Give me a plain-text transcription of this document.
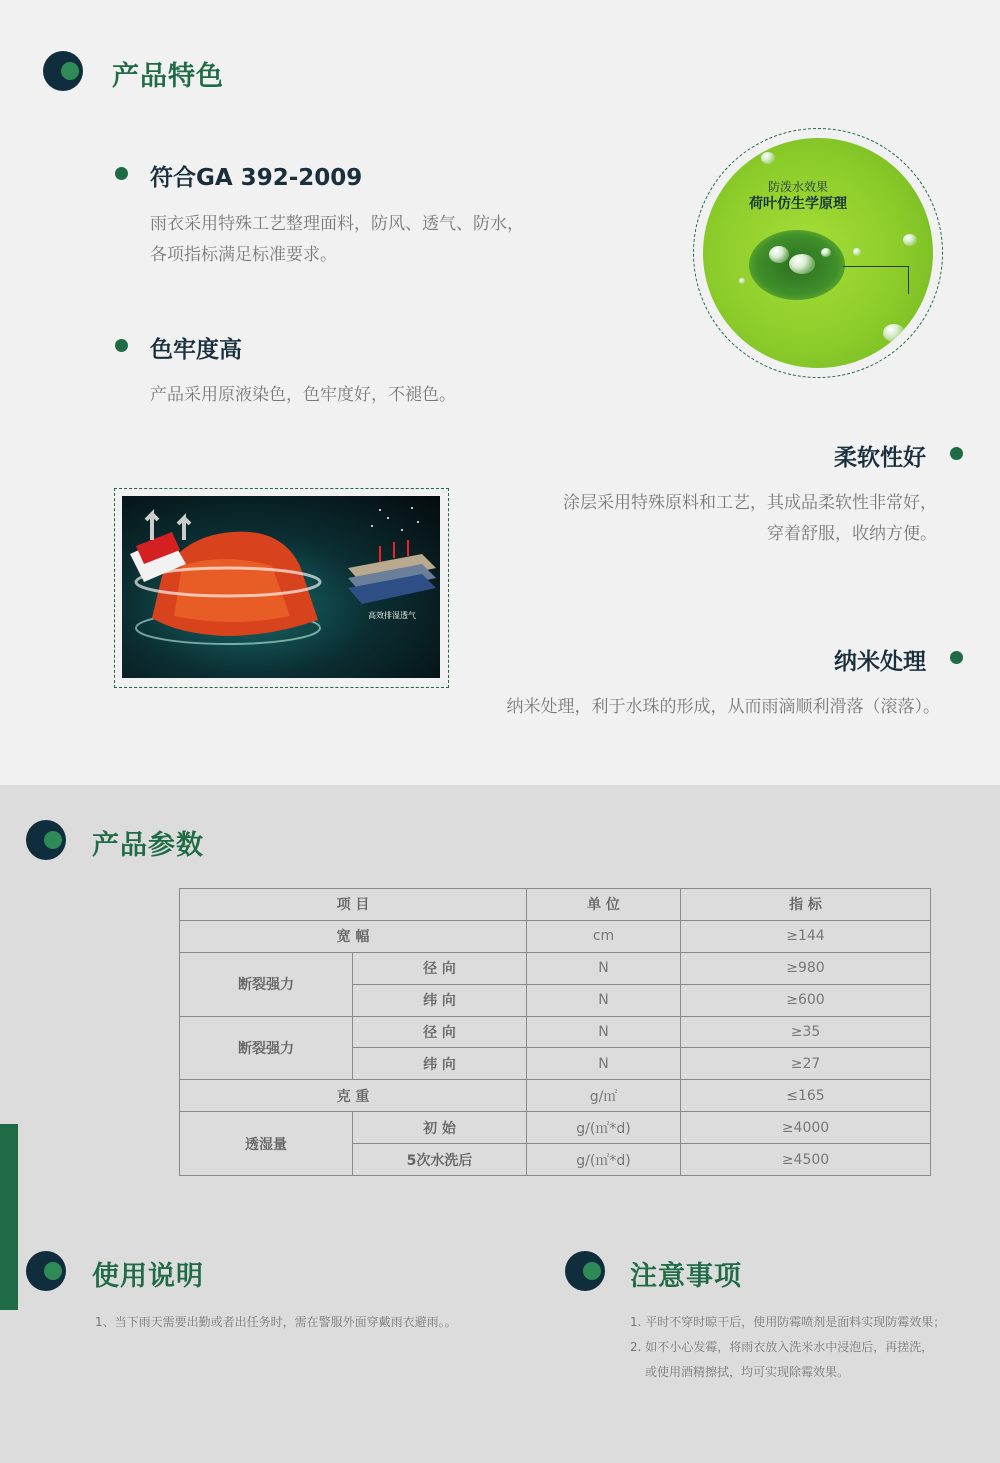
产品特色
符合GA 392-2009
雨衣采用特殊工艺整理面料，防风、透气、防水，
各项指标满足标准要求。
色牢度高
产品采用原液染色，色牢度好，不褪色。
防泼水效果
荷叶仿生学原理
柔软性好
涂层采用特殊原料和工艺，其成品柔软性非常好，
穿着舒服，收纳方便。
高效排湿透气
纳米处理
纳米处理，利于水珠的形成，从而雨滴顺利滑落（滚落）。
产品参数
项 目		单 位	指 标
宽 幅		cm	≥144
断裂强力	径 向	N	≥980
	纬 向	N	≥600
断裂强力	径 向	N	≥35
	纬 向	N	≥27
克 重		g/㎡	≤165
透湿量	初 始	g/(㎡*d)	≥4000
	5次水洗后	g/(㎡*d)	≥4500
使用说明
1、当下雨天需要出勤或者出任务时，需在警服外面穿戴雨衣避雨。。
注意事项
1. 平时不穿时晾干后，使用防霉喷剂是面料实现防霉效果；
2. 如不小心发霉，将雨衣放入洗米水中浸泡后，再搓洗，
或使用酒精擦拭，均可实现除霉效果。
